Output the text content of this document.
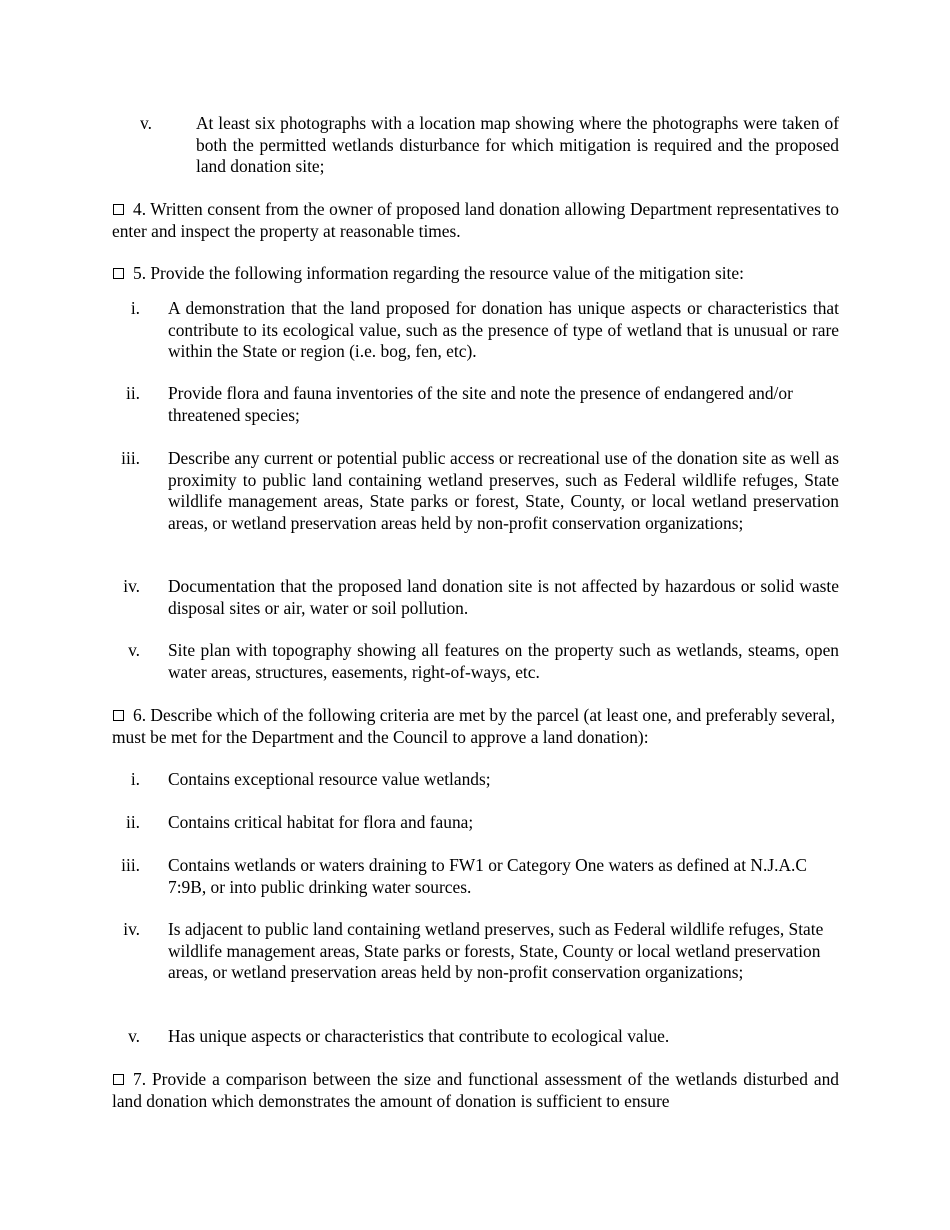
v.	At least six photographs with a location map showing where the photographs were taken of both the permitted wetlands disturbance for which mitigation is required and the proposed land donation site;
4. Written consent from the owner of proposed land donation allowing Department representatives to enter and inspect the property at reasonable times.
5. Provide the following information regarding the resource value of the mitigation site:
i. A demonstration that the land proposed for donation has unique aspects or characteristics that contribute to its ecological value, such as the presence of type of wetland that is unusual or rare within the State or region (i.e. bog, fen, etc).
ii. Provide flora and fauna inventories of the site and note the presence of endangered and/or threatened species;
iii. Describe any current or potential public access or recreational use of the donation site as well as proximity to public land containing wetland preserves, such as Federal wildlife refuges, State wildlife management areas, State parks or forest, State, County, or local wetland preservation areas, or wetland preservation areas held by non-profit conservation organizations;
iv. Documentation that the proposed land donation site is not affected by hazardous or solid waste disposal sites or air, water or soil pollution.
v. Site plan with topography showing all features on the property such as wetlands, steams, open water areas, structures, easements, right-of-ways, etc.
6. Describe which of the following criteria are met by the parcel (at least one, and preferably several, must be met for the Department and the Council to approve a land donation):
i. Contains exceptional resource value wetlands;
ii. Contains critical habitat for flora and fauna;
iii. Contains wetlands or waters draining to FW1 or Category One waters as defined at N.J.A.C 7:9B, or into public drinking water sources.
iv. Is adjacent to public land containing wetland preserves, such as Federal wildlife refuges, State wildlife management areas, State parks or forests, State, County or local wetland preservation areas, or wetland preservation areas held by non-profit conservation organizations;
v. Has unique aspects or characteristics that contribute to ecological value.
7. Provide a comparison between the size and functional assessment of the wetlands disturbed and land donation which demonstrates the amount of donation is sufficient to ensure
